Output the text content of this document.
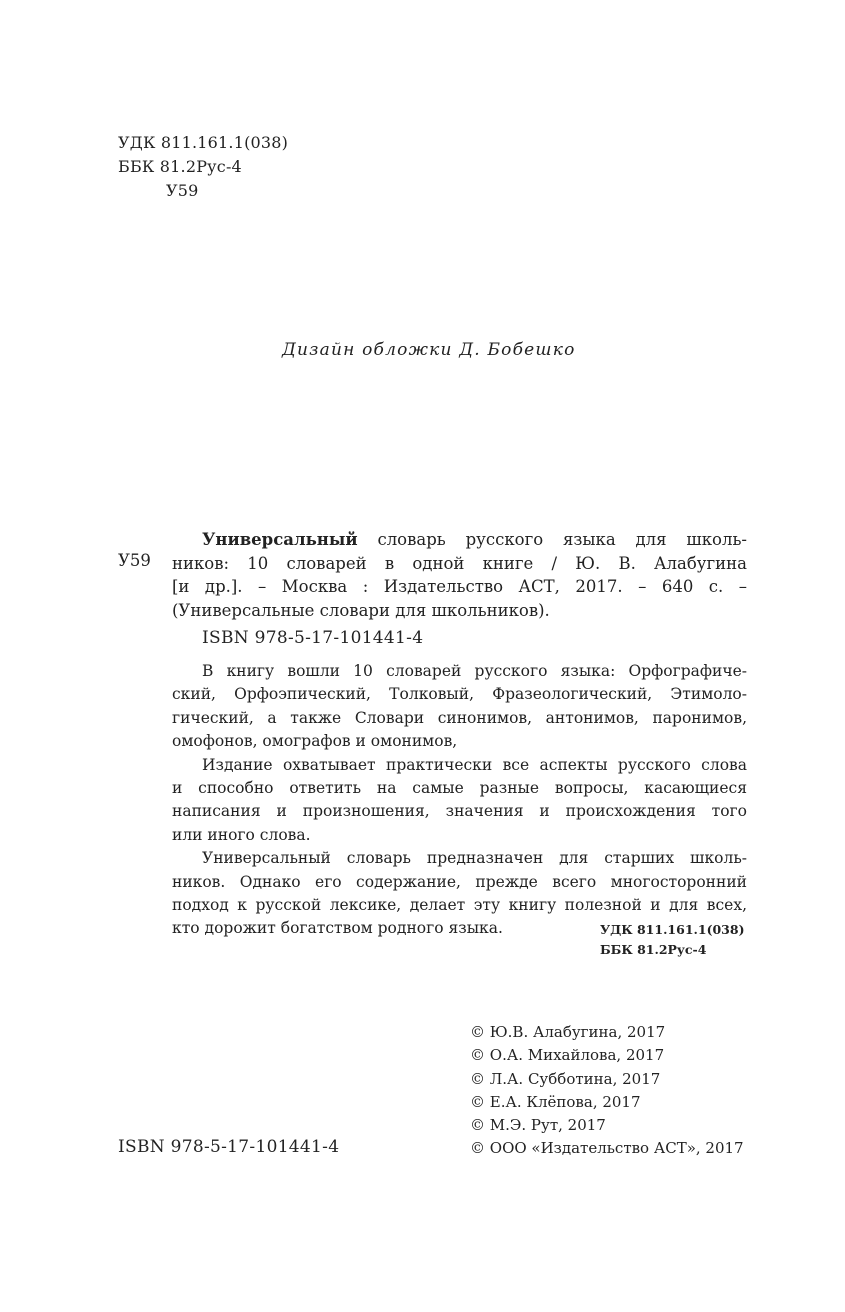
УДК 811.161.1(038)
ББК 81.2Рус-4
У59
Дизайн обложки Д. Бобешко
У59
Универсальный словарь русского языка для школь-
ников: 10 словарей в одной книге / Ю. В. Алабугина
[и др.]. – Москва : Издательство АСТ, 2017. – 640 с. –
(Универсальные словари для школьников).
ISBN 978-5-17-101441-4
В книгу вошли 10 словарей русского языка: Орфографиче-
ский, Орфоэпический, Толковый, Фразеологический, Этимоло-
гический, а также Словари синонимов, антонимов, паронимов,
омофонов, омографов и омонимов,
Издание охватывает практически все аспекты русского слова
и способно ответить на самые разные вопросы, касающиеся
написания и произношения, значения и происхождения того
или иного слова.
Универсальный словарь предназначен для старших школь-
ников. Однако его содержание, прежде всего многосторонний
подход к русской лексике, делает эту книгу полезной и для всех,
кто дорожит богатством родного языка.	УДК 811.161.1(038)
ББК 81.2Рус-4
© Ю.В. Алабугина, 2017
© О.А. Михайлова, 2017
© Л.А. Субботина, 2017
© Е.А. Клёпова, 2017
© М.Э. Рут, 2017
© ООО «Издательство АСТ», 2017
ISBN 978-5-17-101441-4
